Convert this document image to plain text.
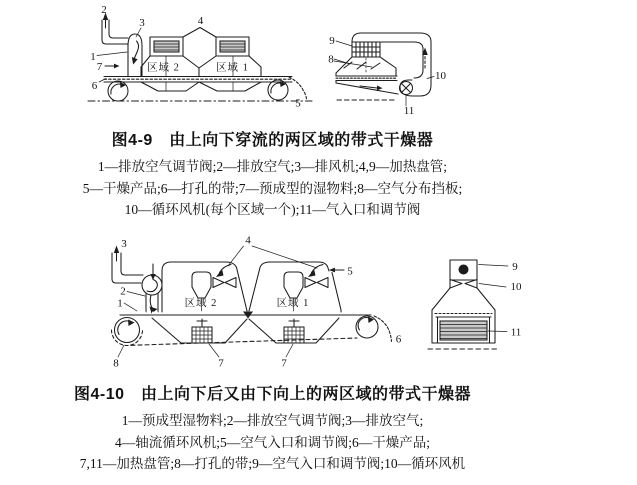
2
3	4
1
7
6
5
区域 2	区域 1
9
8
10
11
图4-9　由上向下穿流的两区域的带式干燥器
1—排放空气调节阀;2—排放空气;3—排风机;4,9—加热盘管;
5—干燥产品;6—打孔的带;7—预成型的湿物料;8—空气分布挡板;
10—循环风机(每个区域一个);11—气入口和调节阀
3
2
1
8
4
5
6
7	7
区域 2	区域 1
9
10
11
图4-10　由上向下后又由下向上的两区域的带式干燥器
1—预成型湿物料;2—排放空气调节阀;3—排放空气;
4—轴流循环风机;5—空气入口和调节阀;6—干燥产品;
7,11—加热盘管;8—打孔的带;9—空气入口和调节阀;10—循环风机
